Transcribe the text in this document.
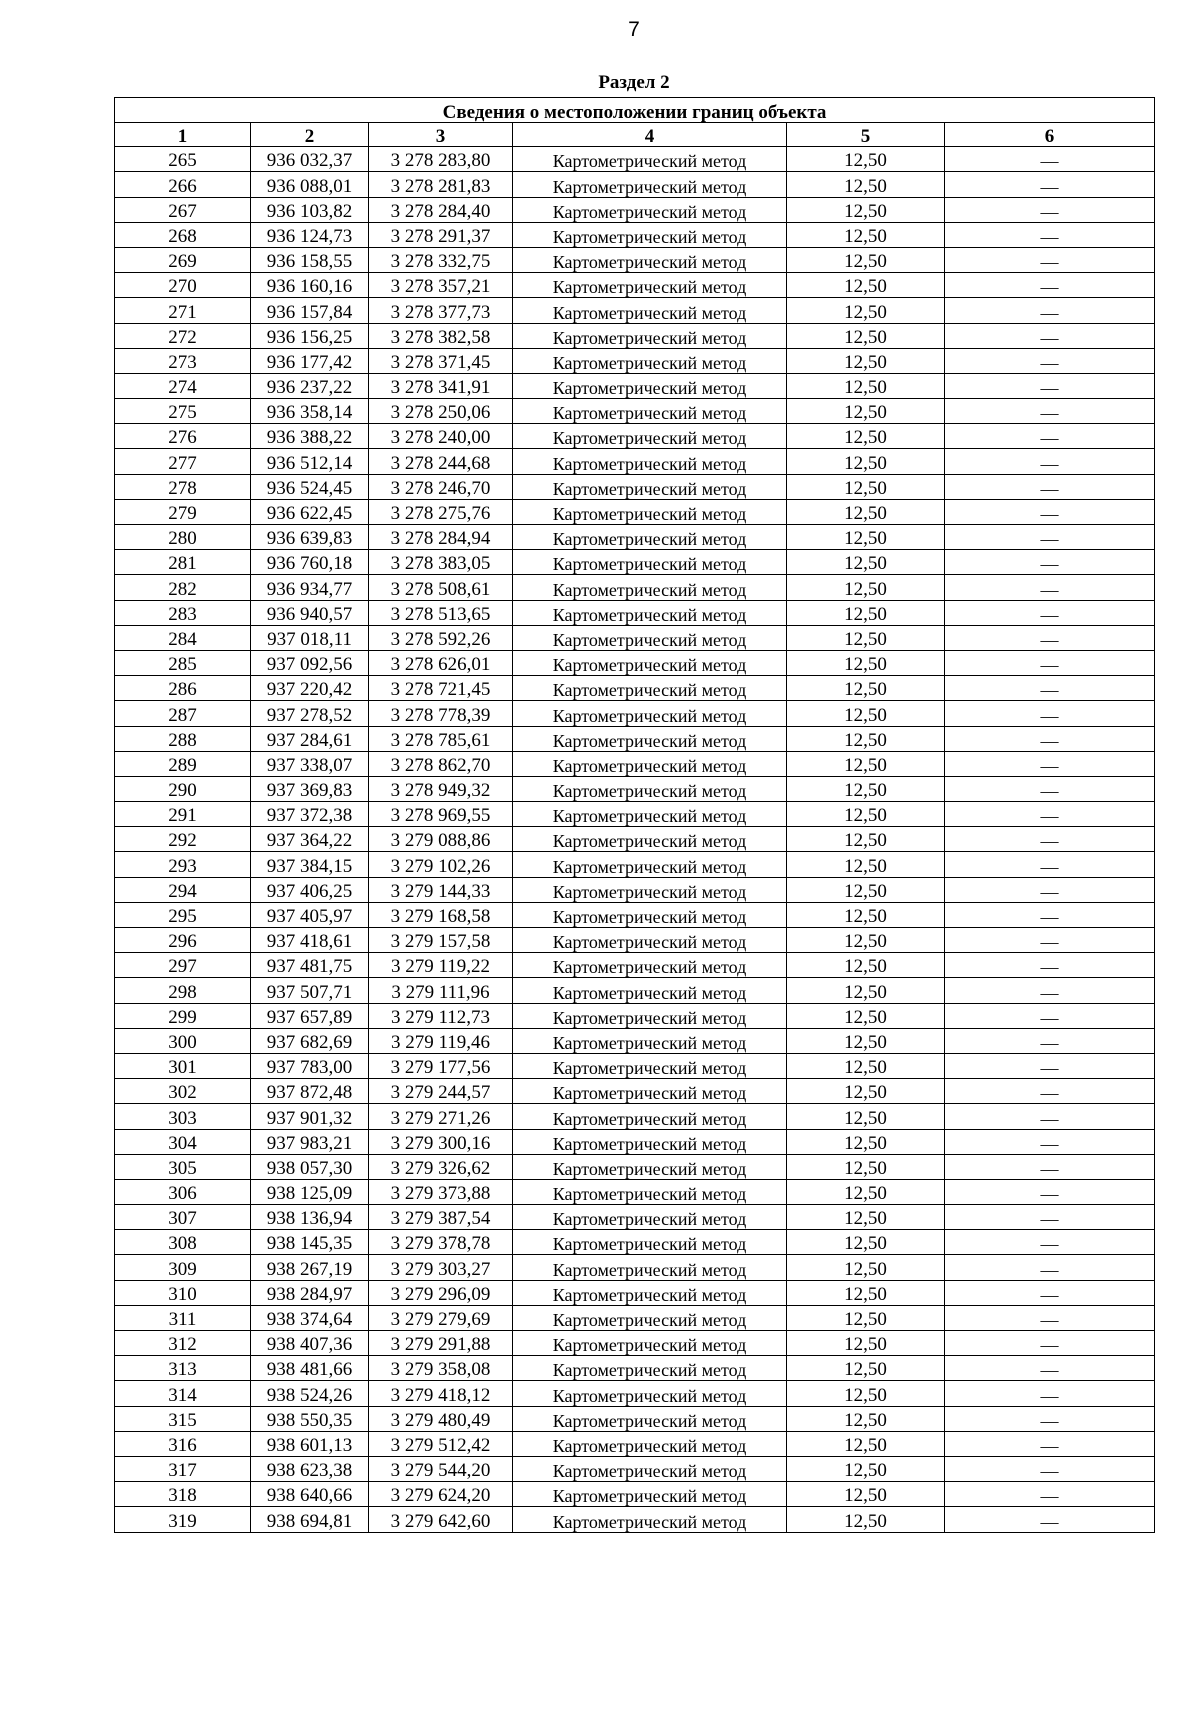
7
Раздел 2
Сведения о местоположении границ объекта					
1	2	3	4	5	6
265	936 032,37	3 278 283,80	Картометрический метод	12,50	—
266	936 088,01	3 278 281,83	Картометрический метод	12,50	—
267	936 103,82	3 278 284,40	Картометрический метод	12,50	—
268	936 124,73	3 278 291,37	Картометрический метод	12,50	—
269	936 158,55	3 278 332,75	Картометрический метод	12,50	—
270	936 160,16	3 278 357,21	Картометрический метод	12,50	—
271	936 157,84	3 278 377,73	Картометрический метод	12,50	—
272	936 156,25	3 278 382,58	Картометрический метод	12,50	—
273	936 177,42	3 278 371,45	Картометрический метод	12,50	—
274	936 237,22	3 278 341,91	Картометрический метод	12,50	—
275	936 358,14	3 278 250,06	Картометрический метод	12,50	—
276	936 388,22	3 278 240,00	Картометрический метод	12,50	—
277	936 512,14	3 278 244,68	Картометрический метод	12,50	—
278	936 524,45	3 278 246,70	Картометрический метод	12,50	—
279	936 622,45	3 278 275,76	Картометрический метод	12,50	—
280	936 639,83	3 278 284,94	Картометрический метод	12,50	—
281	936 760,18	3 278 383,05	Картометрический метод	12,50	—
282	936 934,77	3 278 508,61	Картометрический метод	12,50	—
283	936 940,57	3 278 513,65	Картометрический метод	12,50	—
284	937 018,11	3 278 592,26	Картометрический метод	12,50	—
285	937 092,56	3 278 626,01	Картометрический метод	12,50	—
286	937 220,42	3 278 721,45	Картометрический метод	12,50	—
287	937 278,52	3 278 778,39	Картометрический метод	12,50	—
288	937 284,61	3 278 785,61	Картометрический метод	12,50	—
289	937 338,07	3 278 862,70	Картометрический метод	12,50	—
290	937 369,83	3 278 949,32	Картометрический метод	12,50	—
291	937 372,38	3 278 969,55	Картометрический метод	12,50	—
292	937 364,22	3 279 088,86	Картометрический метод	12,50	—
293	937 384,15	3 279 102,26	Картометрический метод	12,50	—
294	937 406,25	3 279 144,33	Картометрический метод	12,50	—
295	937 405,97	3 279 168,58	Картометрический метод	12,50	—
296	937 418,61	3 279 157,58	Картометрический метод	12,50	—
297	937 481,75	3 279 119,22	Картометрический метод	12,50	—
298	937 507,71	3 279 111,96	Картометрический метод	12,50	—
299	937 657,89	3 279 112,73	Картометрический метод	12,50	—
300	937 682,69	3 279 119,46	Картометрический метод	12,50	—
301	937 783,00	3 279 177,56	Картометрический метод	12,50	—
302	937 872,48	3 279 244,57	Картометрический метод	12,50	—
303	937 901,32	3 279 271,26	Картометрический метод	12,50	—
304	937 983,21	3 279 300,16	Картометрический метод	12,50	—
305	938 057,30	3 279 326,62	Картометрический метод	12,50	—
306	938 125,09	3 279 373,88	Картометрический метод	12,50	—
307	938 136,94	3 279 387,54	Картометрический метод	12,50	—
308	938 145,35	3 279 378,78	Картометрический метод	12,50	—
309	938 267,19	3 279 303,27	Картометрический метод	12,50	—
310	938 284,97	3 279 296,09	Картометрический метод	12,50	—
311	938 374,64	3 279 279,69	Картометрический метод	12,50	—
312	938 407,36	3 279 291,88	Картометрический метод	12,50	—
313	938 481,66	3 279 358,08	Картометрический метод	12,50	—
314	938 524,26	3 279 418,12	Картометрический метод	12,50	—
315	938 550,35	3 279 480,49	Картометрический метод	12,50	—
316	938 601,13	3 279 512,42	Картометрический метод	12,50	—
317	938 623,38	3 279 544,20	Картометрический метод	12,50	—
318	938 640,66	3 279 624,20	Картометрический метод	12,50	—
319	938 694,81	3 279 642,60	Картометрический метод	12,50	—
